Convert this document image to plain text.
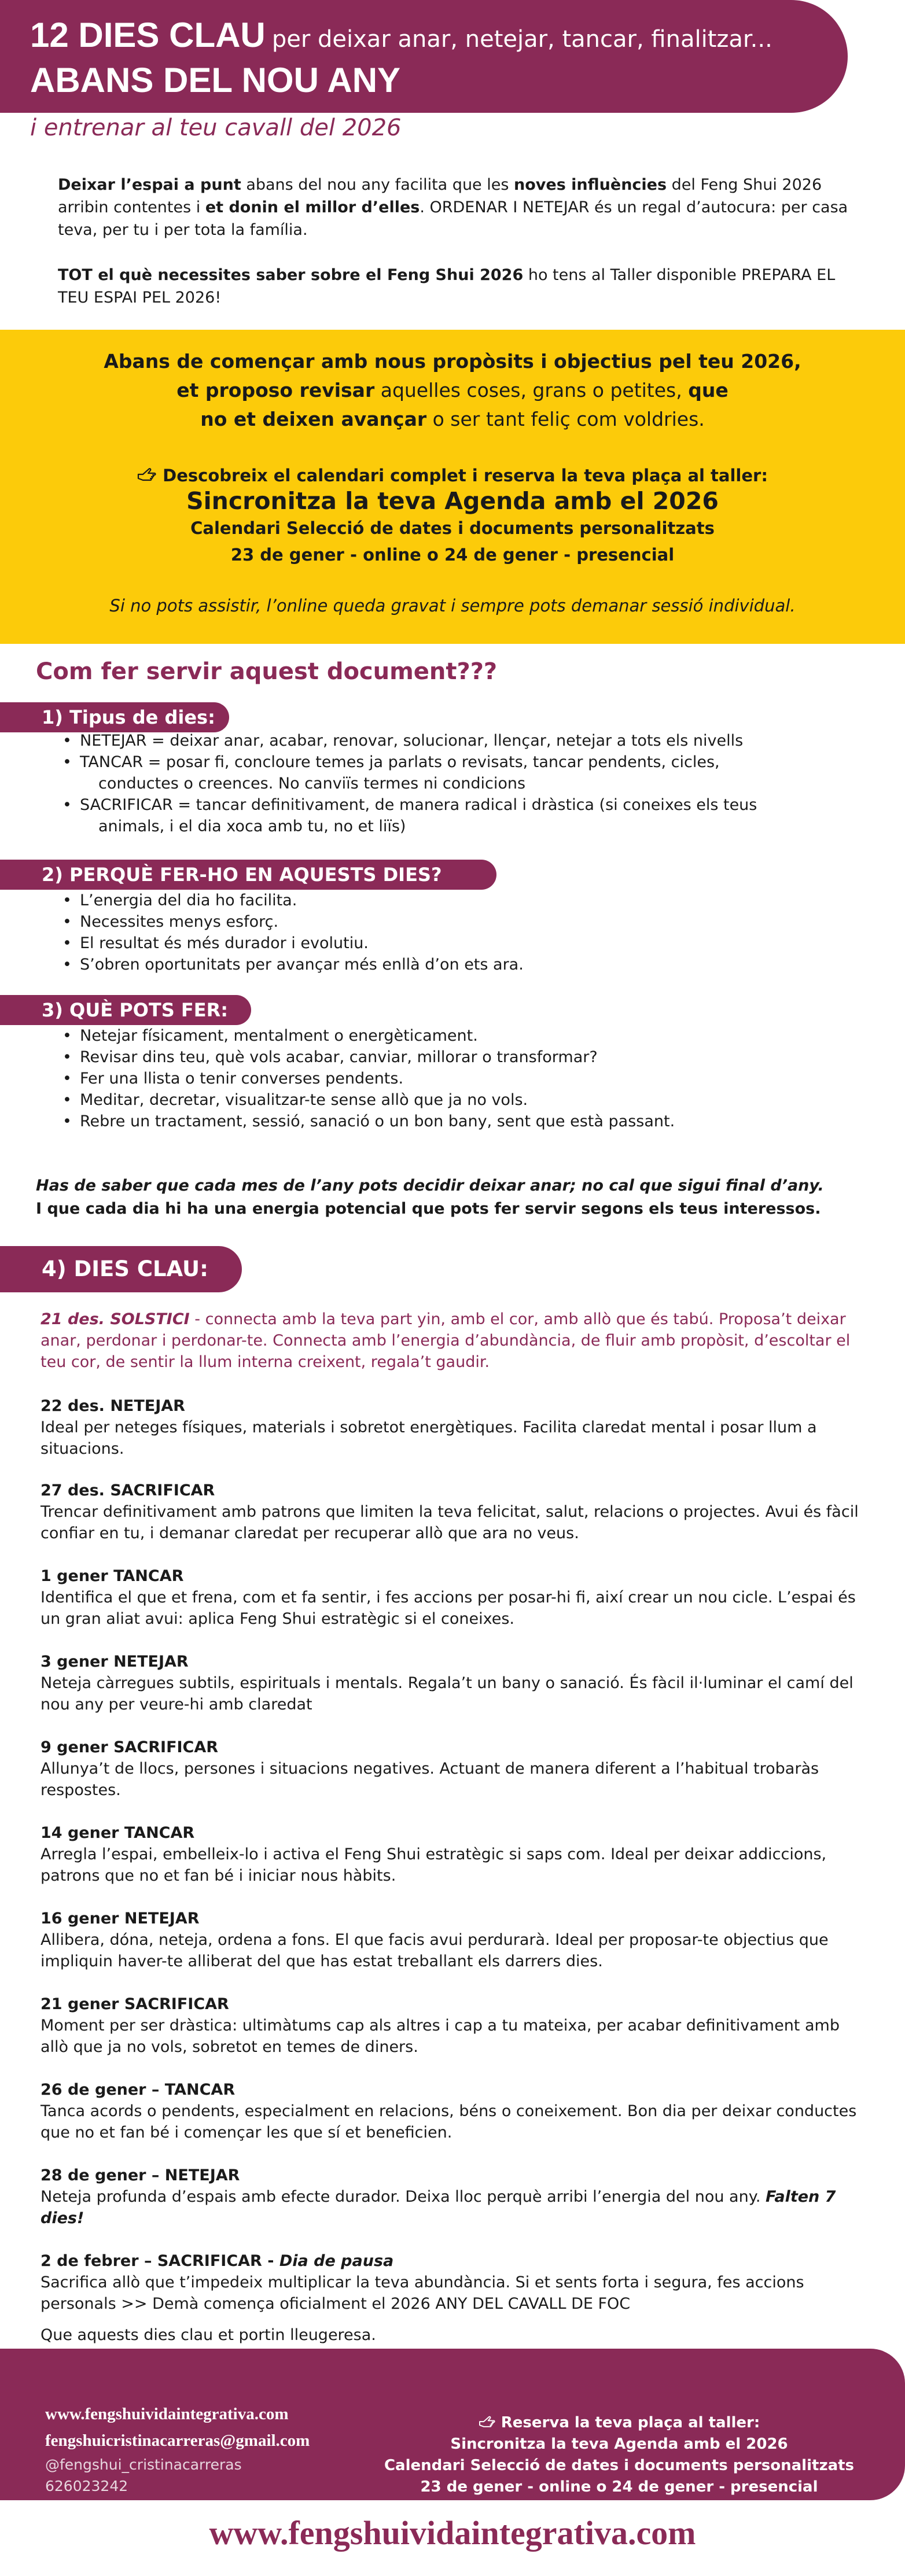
12 DIES CLAU per deixar anar, netejar, tancar, finalitzar...
ABANS DEL NOU ANY
i entrenar al teu cavall del 2026

Deixar l’espai a punt abans del nou any facilita que les noves influències del Feng Shui 2026 arribin contentes i et donin el millor d’elles. ORDENAR I NETEJAR és un regal d’autocura: per casa teva, per tu i per tota la família.

TOT el què necessites saber sobre el Feng Shui 2026 ho tens al Taller disponible PREPARA EL TEU ESPAI PEL 2026!

Abans de començar amb nous propòsits i objectius pel teu 2026,
et proposo revisar aquelles coses, grans o petites, que
no et deixen avançar o ser tant feliç com voldries.
Descobreix el calendari complet i reserva la teva plaça al taller:
Sincronitza la teva Agenda amb el 2026
Calendari Selecció de dates i documents personalitzats
23 de gener - online o 24 de gener - presencial
Si no pots assistir, l’online queda gravat i sempre pots demanar sessió individual.
Com fer servir aquest document???
1) Tipus de dies:
• NETEJAR = deixar anar, acabar, renovar, solucionar, llençar, netejar a tots els nivells
• TANCAR = posar fi, concloure temes ja parlats o revisats, tancar pendents, cicles,
conductes o creences. No canviïs termes ni condicions
• SACRIFICAR = tancar definitivament, de manera radical i dràstica (si coneixes els teus
animals, i el dia xoca amb tu, no et liïs)
2) PERQUÈ FER-HO EN AQUESTS DIES?
• L’energia del dia ho facilita.
• Necessites menys esforç.
• El resultat és més durador i evolutiu.
• S’obren oportunitats per avançar més enllà d’on ets ara.
3) QUÈ POTS FER:
• Netejar físicament, mentalment o energèticament.
• Revisar dins teu, què vols acabar, canviar, millorar o transformar?
• Fer una llista o tenir converses pendents.
• Meditar, decretar, visualitzar-te sense allò que ja no vols.
• Rebre un tractament, sessió, sanació o un bon bany, sent que està passant.
Has de saber que cada mes de l’any pots decidir deixar anar; no cal que sigui final d’any.
I que cada dia hi ha una energia potencial que pots fer servir segons els teus interessos.
4) DIES CLAU:

21 des. SOLSTICI - connecta amb la teva part yin, amb el cor, amb allò que és tabú. Proposa’t deixar anar, perdonar i perdonar-te. Connecta amb l’energia d’abundància, de fluir amb propòsit, d’escoltar el teu cor, de sentir la llum interna creixent, regala’t gaudir.

22 des. NETEJAR

Ideal per neteges físiques, materials i sobretot energètiques. Facilita claredat mental i posar llum a situacions.

27 des. SACRIFICAR

Trencar definitivament amb patrons que limiten la teva felicitat, salut, relacions o projectes. Avui és fàcil confiar en tu, i demanar claredat per recuperar allò que ara no veus.

1 gener TANCAR

Identifica el que et frena, com et fa sentir, i fes accions per posar-hi fi, així crear un nou cicle. L’espai és un gran aliat avui: aplica Feng Shui estratègic si el coneixes.

3 gener NETEJAR

Neteja càrregues subtils, espirituals i mentals. Regala’t un bany o sanació. És fàcil il·luminar el camí del nou any per veure-hi amb claredat

9 gener SACRIFICAR

Allunya’t de llocs, persones i situacions negatives. Actuant de manera diferent a l’habitual trobaràs respostes.

14 gener TANCAR

Arregla l’espai, embelleix-lo i activa el Feng Shui estratègic si saps com. Ideal per deixar addiccions, patrons que no et fan bé i iniciar nous hàbits.

16 gener NETEJAR

Allibera, dóna, neteja, ordena a fons. El que facis avui perdurarà. Ideal per proposar-te objectius que impliquin haver-te alliberat del que has estat treballant els darrers dies.

21 gener SACRIFICAR

Moment per ser dràstica: ultimàtums cap als altres i cap a tu mateixa, per acabar definitivament amb allò que ja no vols, sobretot en temes de diners.

26 de gener – TANCAR

Tanca acords o pendents, especialment en relacions, béns o coneixement. Bon dia per deixar conductes que no et fan bé i començar les que sí et beneficien.

28 de gener – NETEJAR

Neteja profunda d’espais amb efecte durador. Deixa lloc perquè arribi l’energia del nou any. Falten 7 dies!

2 de febrer – SACRIFICAR - Dia de pausa

Sacrifica allò que t’impedeix multiplicar la teva abundància. Si et sents forta i segura, fes accions personals >> Demà comença oficialment el 2026 ANY DEL CAVALL DE FOC

Que aquests dies clau et portin lleugeresa.
www.fengshuividaintegrativa.com
fengshuicristinacarreras@gmail.com
@fengshui_cristinacarreras
626023242
Reserva la teva plaça al taller:
Sincronitza la teva Agenda amb el 2026
Calendari Selecció de dates i documents personalitzats
23 de gener - online o 24 de gener - presencial
www.fengshuividaintegrativa.com
